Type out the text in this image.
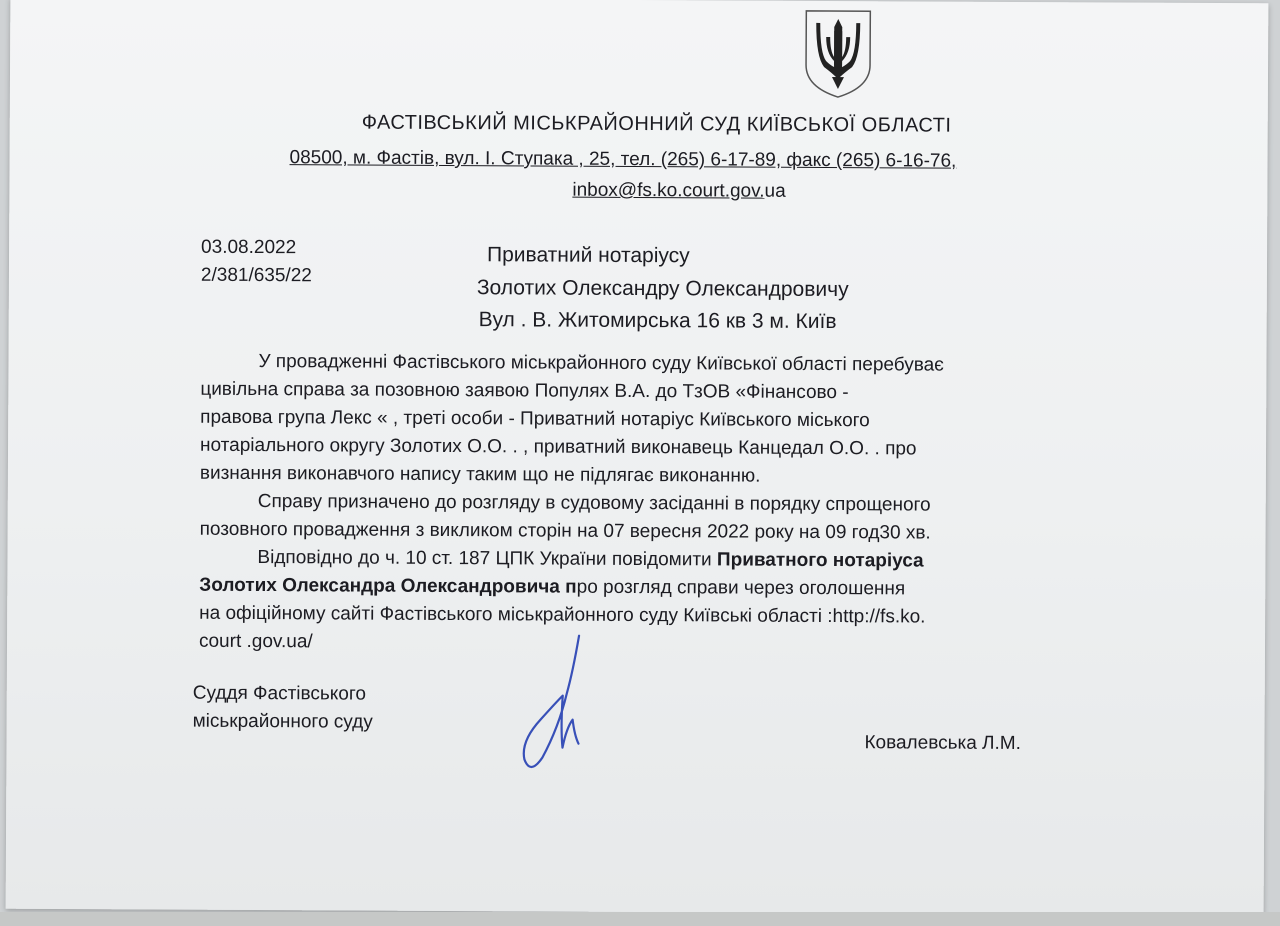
ФАСТІВСЬКИЙ МІСЬКРАЙОННИЙ СУД КИЇВСЬКОЇ ОБЛАСТІ

08500, м. Фастів, вул. І. Ступака , 25, тел. (265) 6-17-89, факс (265) 6-16-76,

inbox@fs.ko.court.gov.ua

03.08.2022

2/381/635/22

Приватний нотаріусу

Золотих Олександру Олександровичу

Вул . В. Житомирська 16 кв 3 м. Київ

У провадженні Фастівського міськрайонного суду Київської області перебуває

цивільна справа за позовною заявою Популях В.А. до ТзОВ «Фінансово -

правова група Лекс « , треті особи - Приватний нотаріус Київського міського

нотаріального округу Золотих О.О. . , приватний виконавець Канцедал О.О. . про

визнання виконавчого напису таким що не підлягає виконанню.

Справу призначено до розгляду в судовому засіданні в порядку спрощеного

позовного провадження з викликом сторін на 07 вересня 2022 року на 09 год30 хв.

Відповідно до ч. 10 ст. 187 ЦПК України повідомити Приватного нотаріуса

Золотих Олександра Олександровича про розгляд справи через оголошення

на офіційному сайті Фастівського міськрайонного суду Київські області :http://fs.ko.

court .gov.ua/

Суддя Фастівського

міськрайонного суду

Ковалевська Л.М.
